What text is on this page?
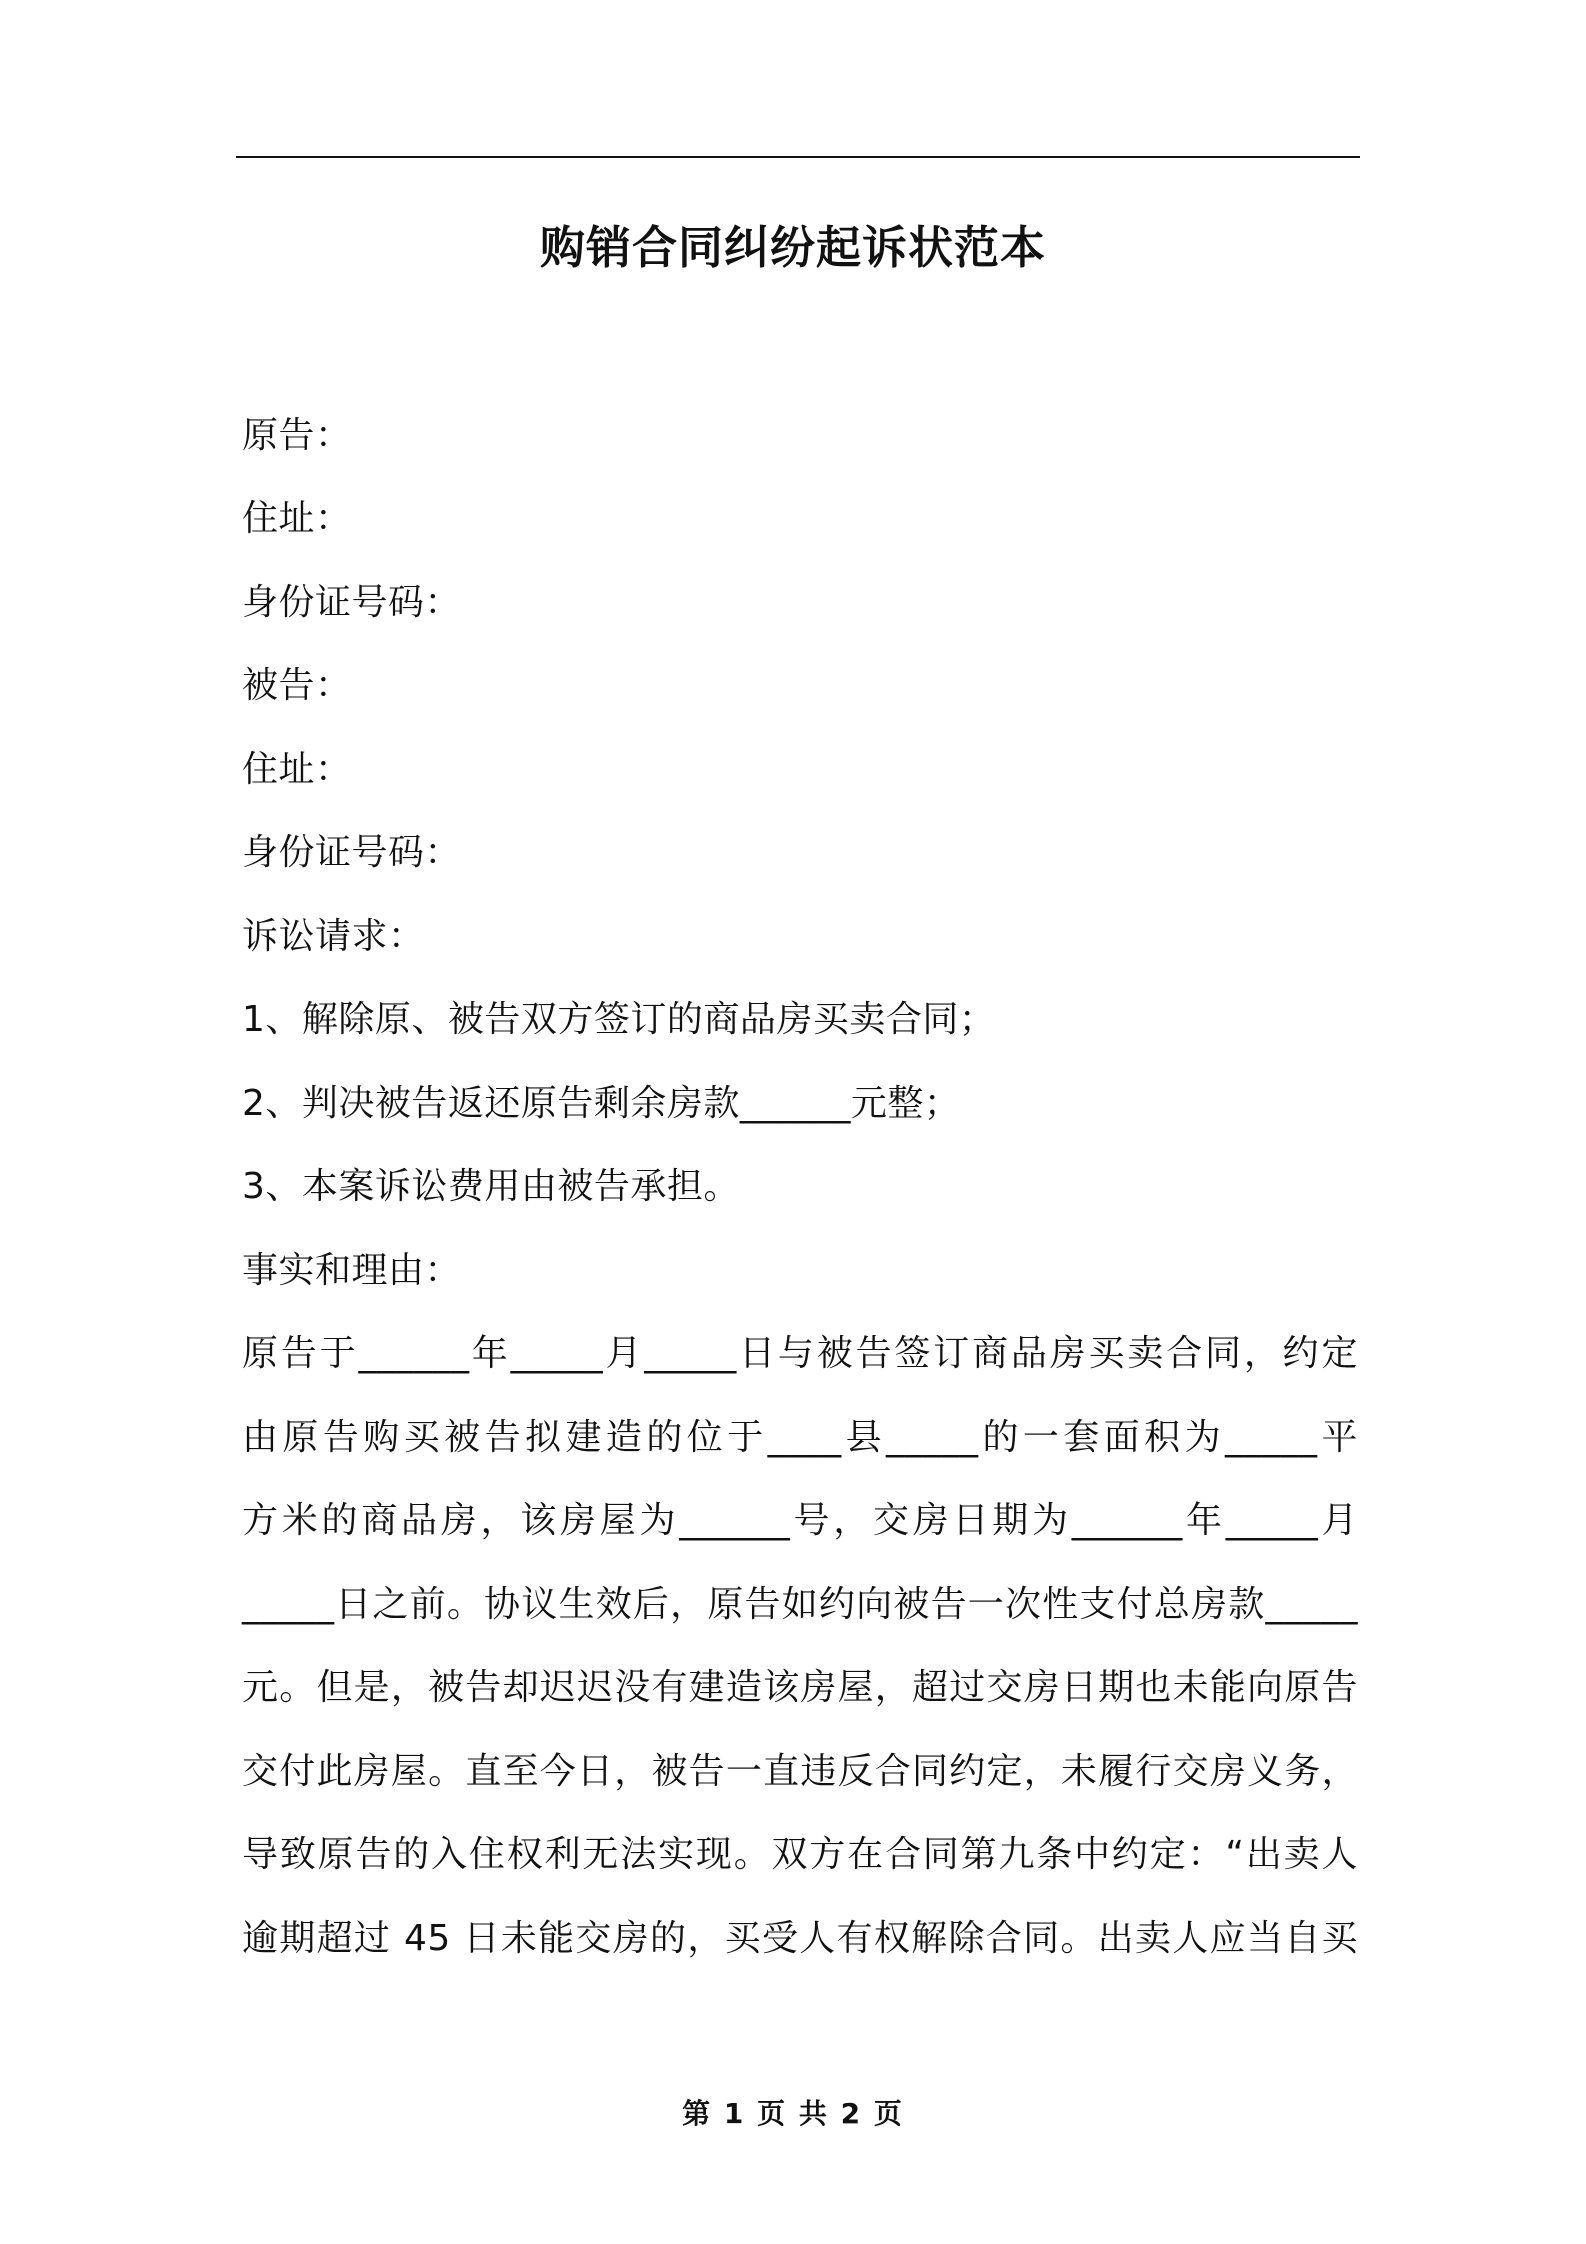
购销合同纠纷起诉状范本
原告：
住址：
身份证号码：
被告：
住址：
身份证号码：
诉讼请求：
1、解除原、被告双方签订的商品房买卖合同；
2、判决被告返还原告剩余房款______元整；
3、本案诉讼费用由被告承担。
事实和理由：
原告于______年_____月_____日与被告签订商品房买卖合同，约定
由原告购买被告拟建造的位于____县_____的一套面积为_____平
方米的商品房，该房屋为______号，交房日期为______年_____月
_____日之前。协议生效后，原告如约向被告一次性支付总房款_____
元。但是，被告却迟迟没有建造该房屋，超过交房日期也未能向原告
交付此房屋。直至今日，被告一直违反合同约定，未履行交房义务，
导致原告的入住权利无法实现。双方在合同第九条中约定：“出卖人
逾期超过 45 日未能交房的，买受人有权解除合同。出卖人应当自买
第 1 页 共 2 页
